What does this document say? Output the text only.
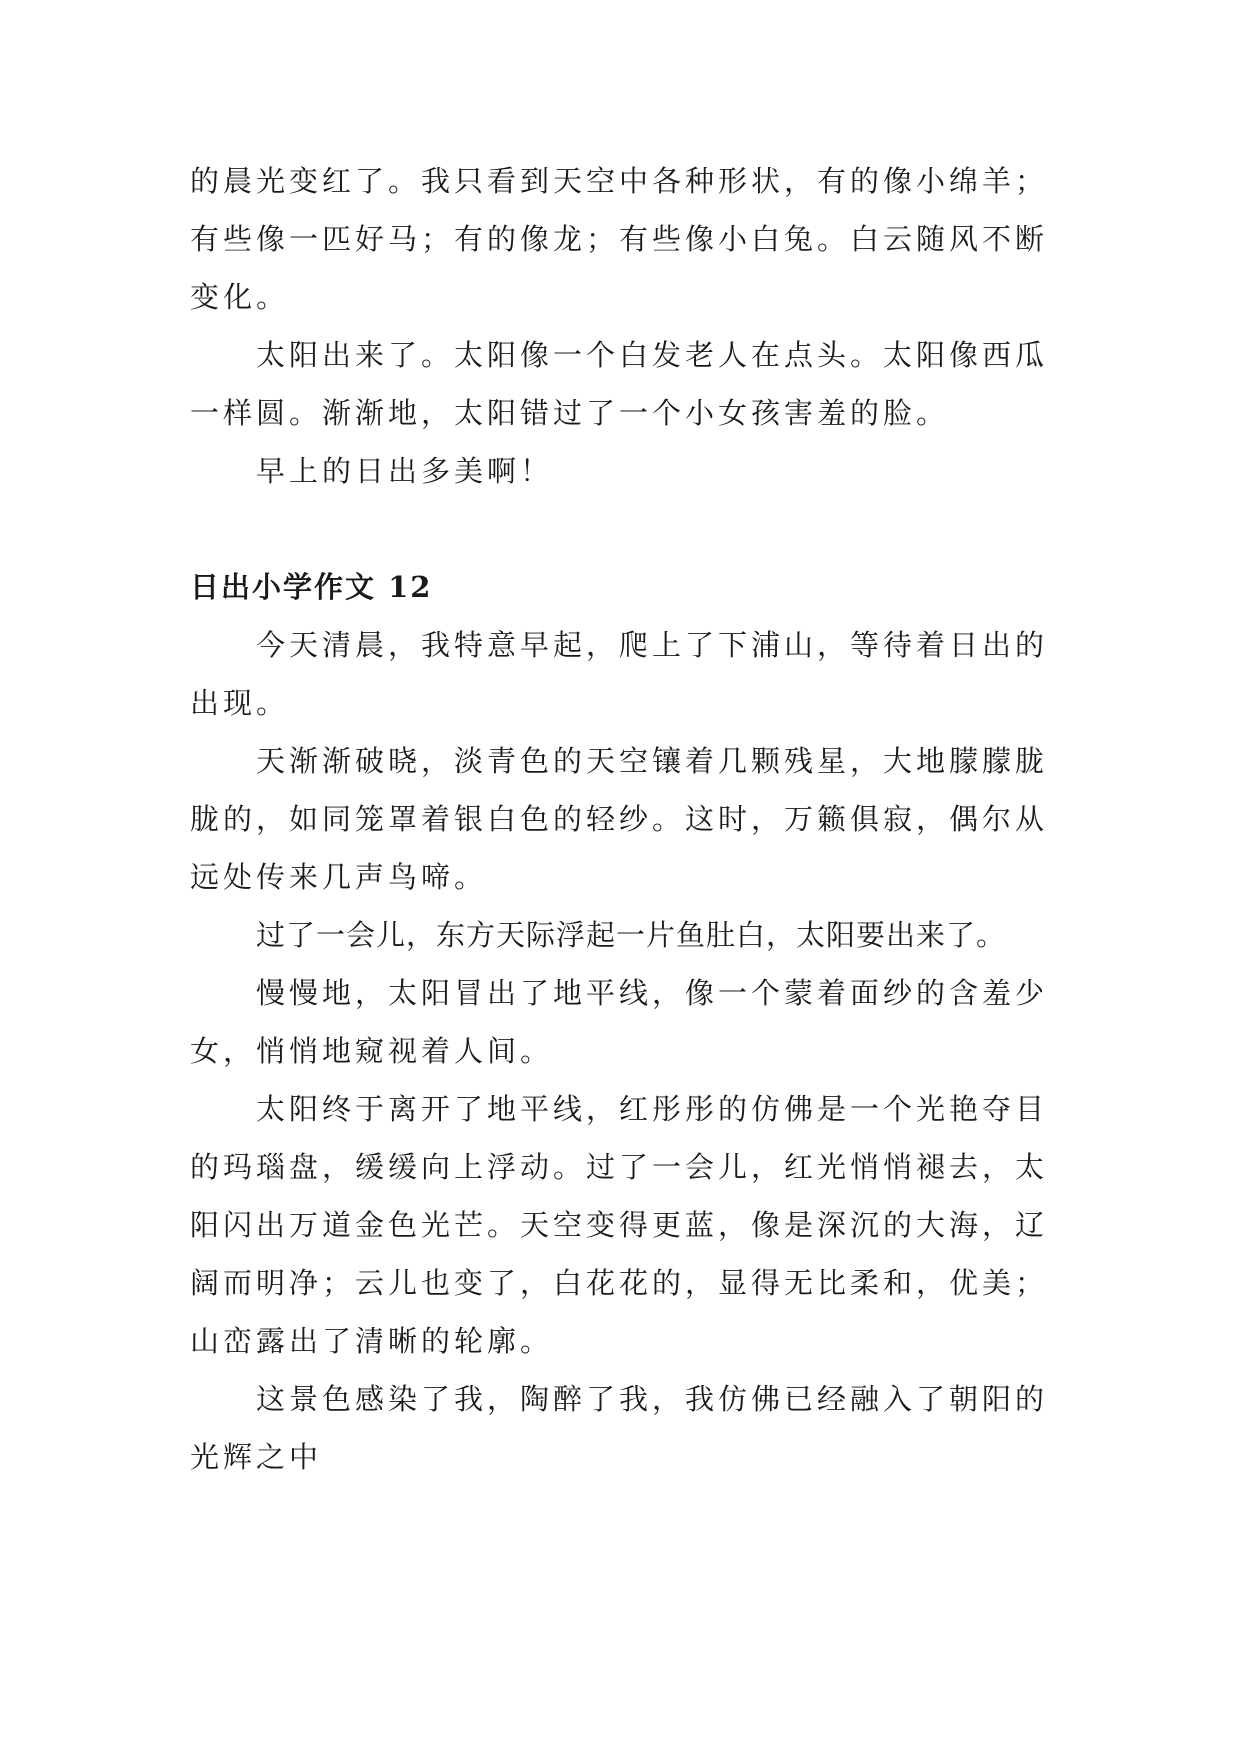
的晨光变红了。我只看到天空中各种形状，有的像小绵羊；
有些像一匹好马；有的像龙；有些像小白兔。白云随风不断
变化。

太阳出来了。太阳像一个白发老人在点头。太阳像西瓜
一样圆。渐渐地，太阳错过了一个小女孩害羞的脸。

早上的日出多美啊！

日出小学作文 12

今天清晨，我特意早起，爬上了下浦山，等待着日出的
出现。

天渐渐破晓，淡青色的天空镶着几颗残星，大地朦朦胧
胧的，如同笼罩着银白色的轻纱。这时，万籁俱寂，偶尔从
远处传来几声鸟啼。

过了一会儿，东方天际浮起一片鱼肚白，太阳要出来了。

慢慢地，太阳冒出了地平线，像一个蒙着面纱的含羞少
女，悄悄地窥视着人间。

太阳终于离开了地平线，红彤彤的仿佛是一个光艳夺目
的玛瑙盘，缓缓向上浮动。过了一会儿，红光悄悄褪去，太
阳闪出万道金色光芒。天空变得更蓝，像是深沉的大海，辽
阔而明净；云儿也变了，白花花的，显得无比柔和，优美；
山峦露出了清晰的轮廓。

这景色感染了我，陶醉了我，我仿佛已经融入了朝阳的
光辉之中
